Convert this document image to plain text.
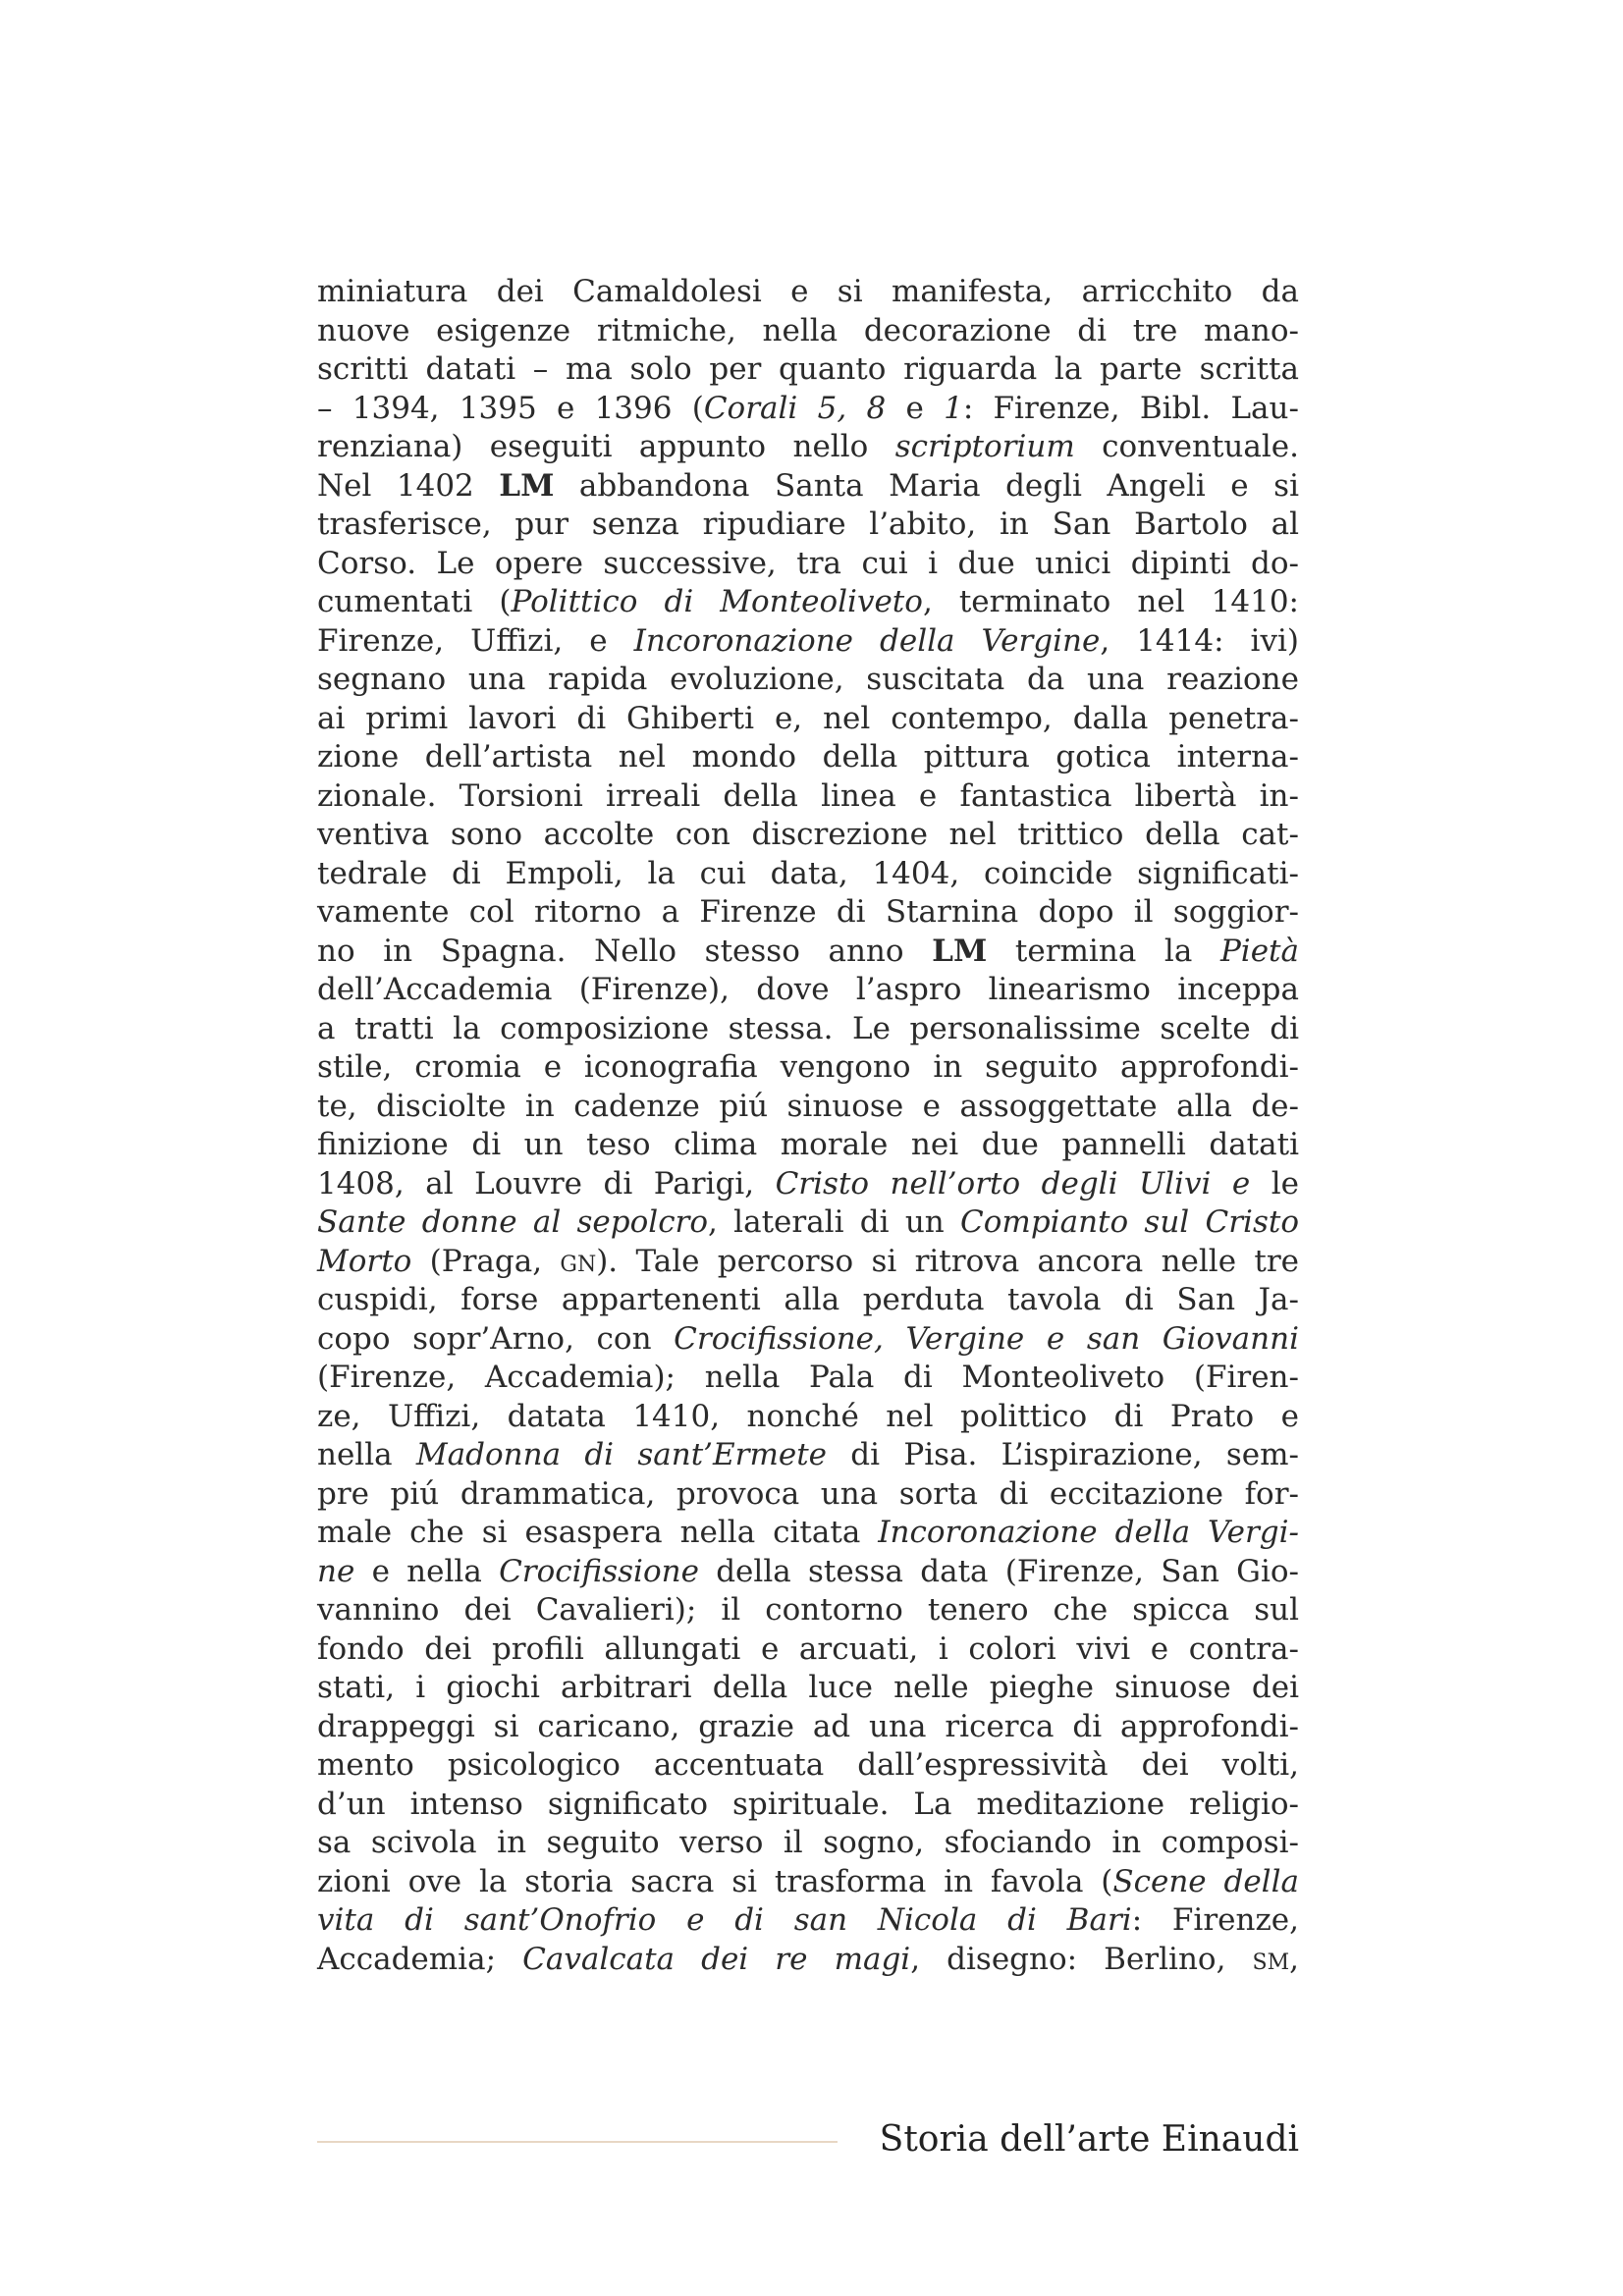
miniatura dei Camaldolesi e si manifesta, arricchito da
nuove esigenze ritmiche, nella decorazione di tre mano-
scritti datati – ma solo per quanto riguarda la parte scritta
– 1394, 1395 e 1396 (Corali 5, 8 e 1: Firenze, Bibl. Lau-
renziana) eseguiti appunto nello scriptorium conventuale.
Nel 1402 LM abbandona Santa Maria degli Angeli e si
trasferisce, pur senza ripudiare l’abito, in San Bartolo al
Corso. Le opere successive, tra cui i due unici dipinti do-
cumentati (Polittico di Monteoliveto, terminato nel 1410:
Firenze, Uffizi, e Incoronazione della Vergine, 1414: ivi)
segnano una rapida evoluzione, suscitata da una reazione
ai primi lavori di Ghiberti e, nel contempo, dalla penetra-
zione dell’artista nel mondo della pittura gotica interna-
zionale. Torsioni irreali della linea e fantastica libertà in-
ventiva sono accolte con discrezione nel trittico della cat-
tedrale di Empoli, la cui data, 1404, coincide significati-
vamente col ritorno a Firenze di Starnina dopo il soggior-
no in Spagna. Nello stesso anno LM termina la Pietà
dell’Accademia (Firenze), dove l’aspro linearismo inceppa
a tratti la composizione stessa. Le personalissime scelte di
stile, cromia e iconografia vengono in seguito approfondi-
te, disciolte in cadenze piú sinuose e assoggettate alla de-
finizione di un teso clima morale nei due pannelli datati
1408, al Louvre di Parigi, Cristo nell’orto degli Ulivi e le
Sante donne al sepolcro, laterali di un Compianto sul Cristo
Morto (Praga, gn). Tale percorso si ritrova ancora nelle tre
cuspidi, forse appartenenti alla perduta tavola di San Ja-
copo sopr’Arno, con Crocifissione, Vergine e san Giovanni
(Firenze, Accademia); nella Pala di Monteoliveto (Firen-
ze, Uffizi, datata 1410, nonché nel polittico di Prato e
nella Madonna di sant’Ermete di Pisa. L’ispirazione, sem-
pre piú drammatica, provoca una sorta di eccitazione for-
male che si esaspera nella citata Incoronazione della Vergi-
ne e nella Crocifissione della stessa data (Firenze, San Gio-
vannino dei Cavalieri); il contorno tenero che spicca sul
fondo dei profili allungati e arcuati, i colori vivi e contra-
stati, i giochi arbitrari della luce nelle pieghe sinuose dei
drappeggi si caricano, grazie ad una ricerca di approfondi-
mento psicologico accentuata dall’espressività dei volti,
d’un intenso significato spirituale. La meditazione religio-
sa scivola in seguito verso il sogno, sfociando in composi-
zioni ove la storia sacra si trasforma in favola (Scene della
vita di sant’Onofrio e di san Nicola di Bari: Firenze,
Accademia; Cavalcata dei re magi, disegno: Berlino, sm,
Storia dell’arte Einaudi
